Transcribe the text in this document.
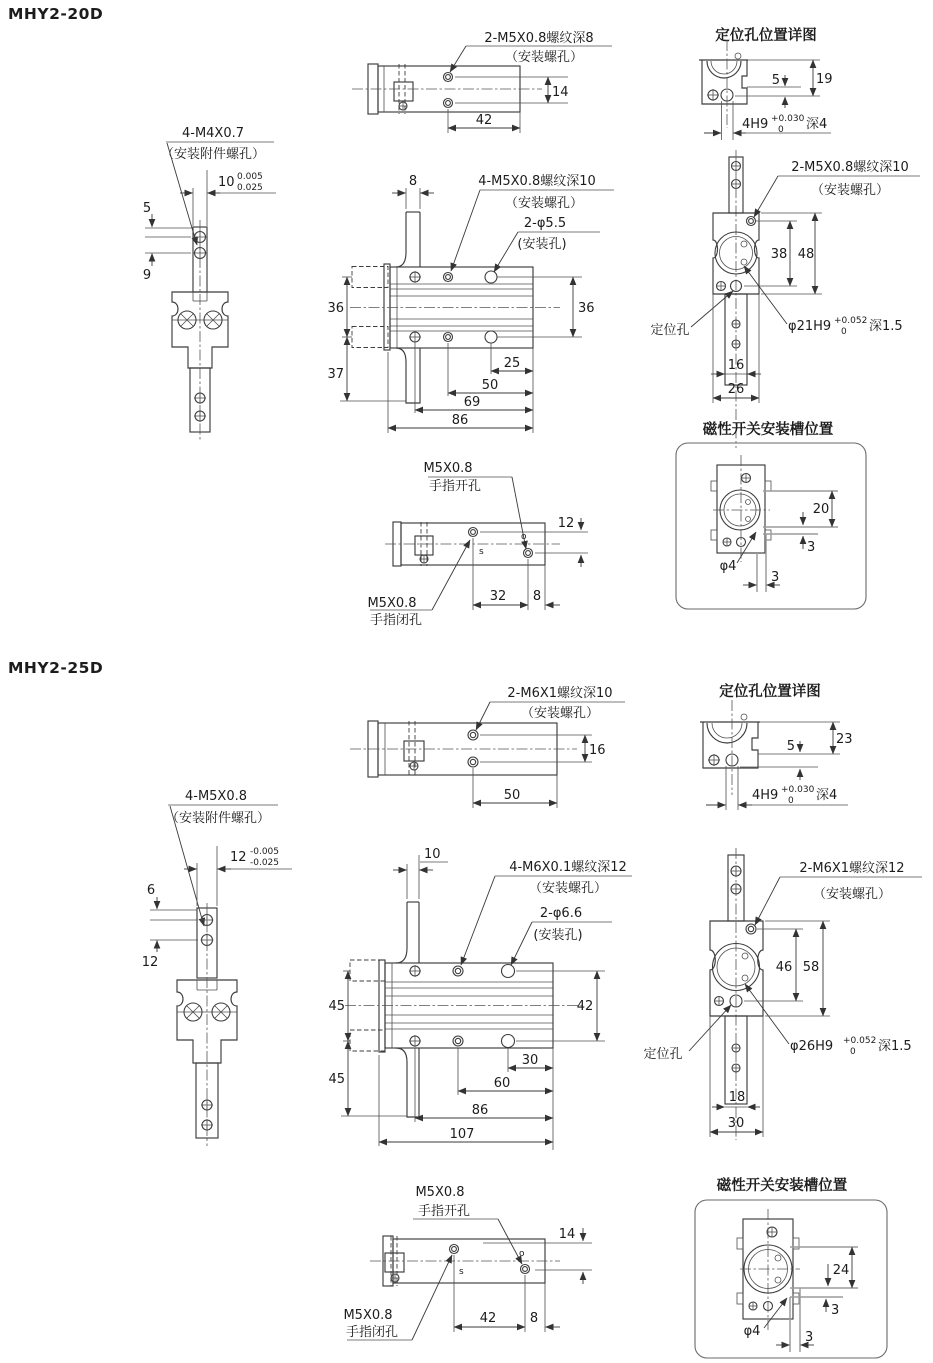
MHY2-20D
2-M5X0.8螺纹深8
（安装螺孔）
14
42
定位孔位置详图
19
5
4H9 +0.030
0 深4
4-M4X0.7
（安装附件螺孔）
10 0.005
0.025
5
9
8	4-M5X0.8螺纹深10
（安装螺孔）
2-φ5.5
(安装孔)
36
36
37
25
50
69
86
2-M5X0.8螺纹深10
（安装螺孔）
38 48
定位孔	φ21H9 +0.052
0 深1.5
16
26
s
o
M5X0.8
手指开孔
M5X0.8
手指闭孔
12
32 8
磁性开关安装槽位置
20
3
φ4
3
MHY2-25D
2-M6X1螺纹深10
（安装螺孔）
16
50
定位孔位置详图
23
5
4H9 +0.030
0 深4
4-M5X0.8
（安装附件螺孔）
12 -0.005
-0.025
6
12
10
4-M6X0.1螺纹深12
（安装螺孔）
2-φ6.6
(安装孔)
42
45
45
30
60
86
107
2-M6X1螺纹深12
（安装螺孔）
46 58
定位孔
φ26H9 +0.052
0 深1.5
18
30
s
o
M5X0.8
手指开孔
M5X0.8
手指闭孔
14
42	8
磁性开关安装槽位置
24
3
φ4	3
